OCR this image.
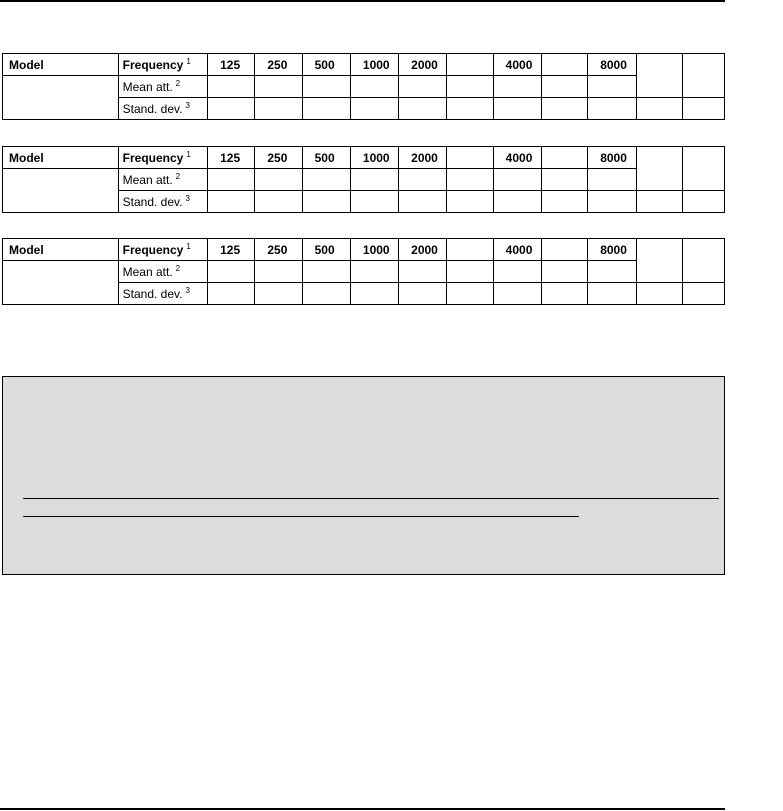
Model	Frequency $^1$	125	250	500	1000	2000		4000		8000		
	Mean att. $^2$									
	Stand. dev. $^3$											
Model	Frequency $^1$	125	250	500	1000	2000		4000		8000		
	Mean att. $^2$									
	Stand. dev. $^3$											
Model	Frequency $^1$	125	250	500	1000	2000		4000		8000		
	Mean att. $^2$									
	Stand. dev. $^3$											
